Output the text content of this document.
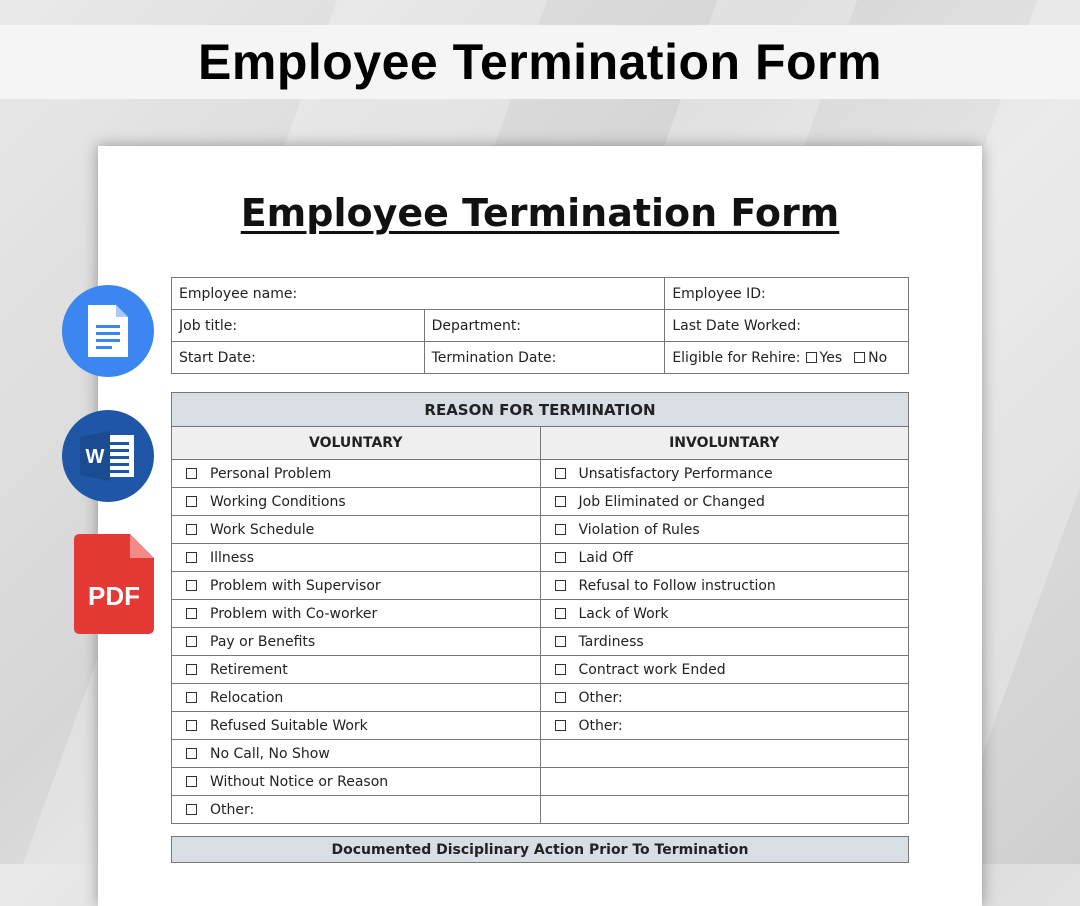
Employee Termination Form
Employee Termination Form
Employee name:		Employee ID:
Job title:	Department:	Last Date Worked:
Start Date:	Termination Date:	Eligible for Rehire: Yes No
REASON FOR TERMINATION	
VOLUNTARY	INVOLUNTARY
Personal Problem	Unsatisfactory Performance
Working Conditions	Job Eliminated or Changed
Work Schedule	Violation of Rules
Illness	Laid Off
Problem with Supervisor	Refusal to Follow instruction
Problem with Co-worker	Lack of Work
Pay or Benefits	Tardiness
Retirement	Contract work Ended
Relocation	Other:
Refused Suitable Work	Other:
No Call, No Show	
Without Notice or Reason	
Other:	
Documented Disciplinary Action Prior To Termination
W
PDF
